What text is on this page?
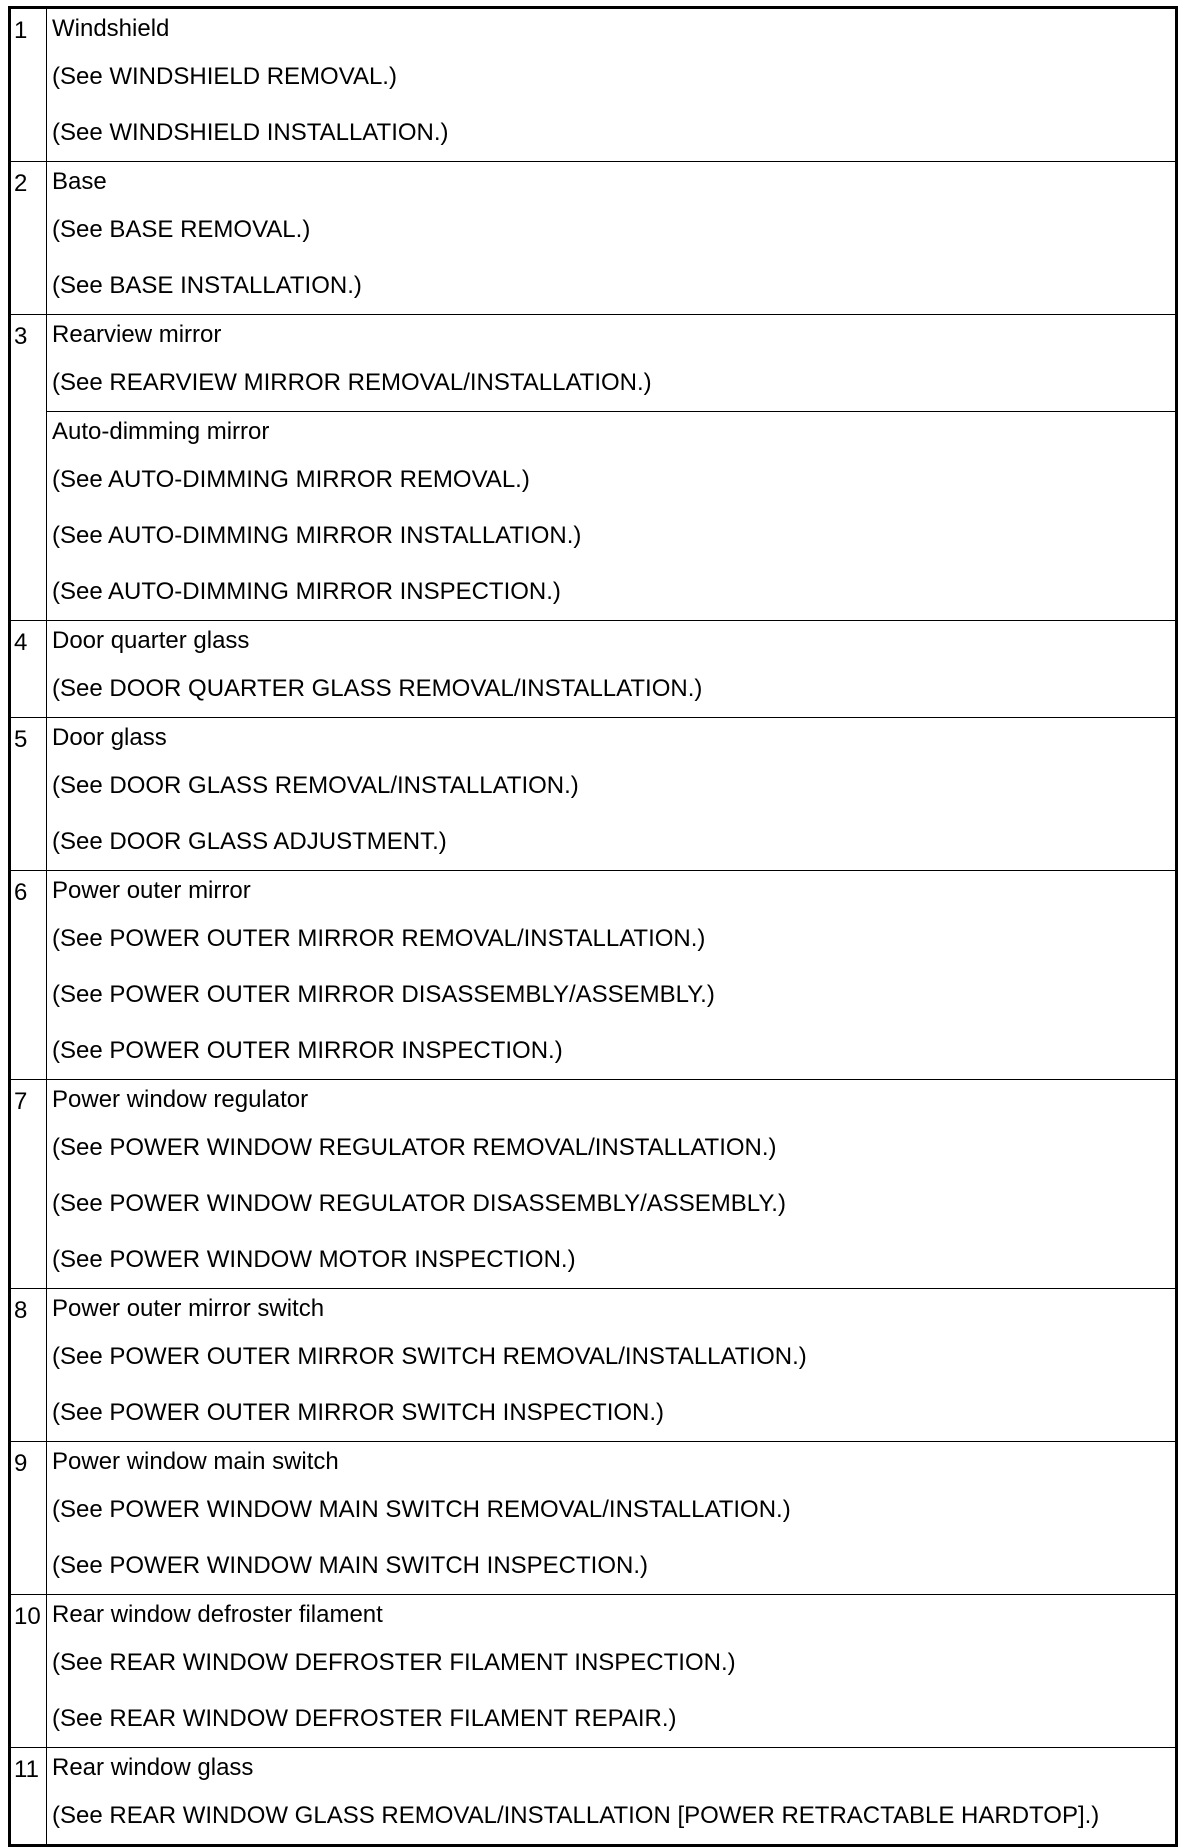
1	Windshield
(See WINDSHIELD REMOVAL.)
(See WINDSHIELD INSTALLATION.)

2	Base
(See BASE REMOVAL.)
(See BASE INSTALLATION.)

3	Rearview mirror
(See REARVIEW MIRROR REMOVAL/INSTALLATION.)

	Auto-dimming mirror
(See AUTO-DIMMING MIRROR REMOVAL.)
(See AUTO-DIMMING MIRROR INSTALLATION.)
(See AUTO-DIMMING MIRROR INSPECTION.)

4	Door quarter glass
(See DOOR QUARTER GLASS REMOVAL/INSTALLATION.)

5	Door glass
(See DOOR GLASS REMOVAL/INSTALLATION.)
(See DOOR GLASS ADJUSTMENT.)

6	Power outer mirror
(See POWER OUTER MIRROR REMOVAL/INSTALLATION.)
(See POWER OUTER MIRROR DISASSEMBLY/ASSEMBLY.)
(See POWER OUTER MIRROR INSPECTION.)

7	Power window regulator
(See POWER WINDOW REGULATOR REMOVAL/INSTALLATION.)
(See POWER WINDOW REGULATOR DISASSEMBLY/ASSEMBLY.)
(See POWER WINDOW MOTOR INSPECTION.)

8	Power outer mirror switch
(See POWER OUTER MIRROR SWITCH REMOVAL/INSTALLATION.)
(See POWER OUTER MIRROR SWITCH INSPECTION.)

9	Power window main switch
(See POWER WINDOW MAIN SWITCH REMOVAL/INSTALLATION.)
(See POWER WINDOW MAIN SWITCH INSPECTION.)

10	Rear window defroster filament
(See REAR WINDOW DEFROSTER FILAMENT INSPECTION.)
(See REAR WINDOW DEFROSTER FILAMENT REPAIR.)

11	Rear window glass
(See REAR WINDOW GLASS REMOVAL/INSTALLATION [POWER RETRACTABLE HARDTOP].)
